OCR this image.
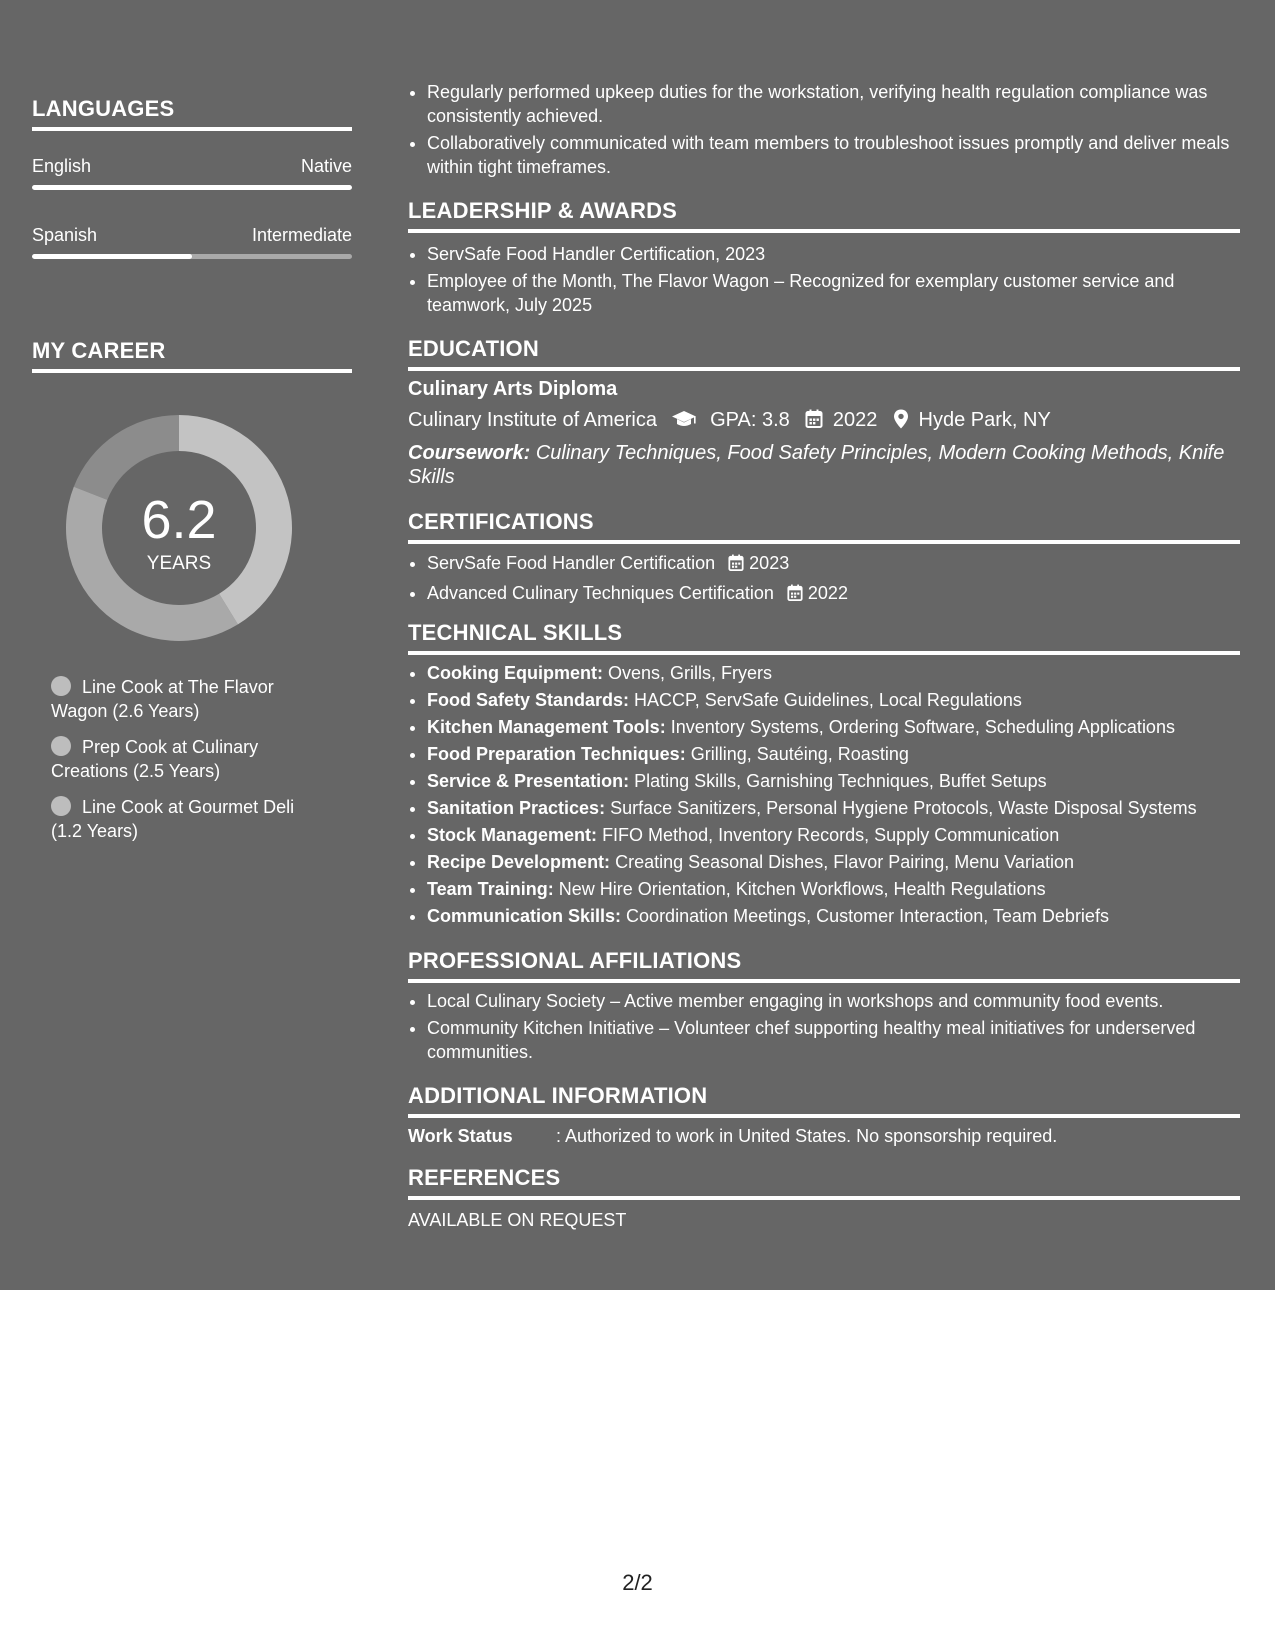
LANGUAGES
English	Native
Spanish	Intermediate
MY CAREER
6.2
YEARS
Line Cook at The Flavor Wagon (2.6 Years)
Prep Cook at Culinary Creations (2.5 Years)
Line Cook at Gourmet Deli (1.2 Years)
• Regularly performed upkeep duties for the workstation, verifying health regulation compliance was consistently achieved.
• Collaboratively communicated with team members to troubleshoot issues promptly and deliver meals within tight timeframes.
LEADERSHIP & AWARDS
• ServSafe Food Handler Certification, 2023
• Employee of the Month, The Flavor Wagon – Recognized for exemplary customer service and teamwork, July 2025
EDUCATION
Culinary Arts Diploma
Culinary Institute of America	GPA: 3.8 2022 Hyde Park, NY
Coursework: Culinary Techniques, Food Safety Principles, Modern Cooking Methods, Knife Skills
CERTIFICATIONS
• ServSafe Food Handler Certification 2023
• Advanced Culinary Techniques Certification 2022
TECHNICAL SKILLS
• Cooking Equipment: Ovens, Grills, Fryers
• Food Safety Standards: HACCP, ServSafe Guidelines, Local Regulations
• Kitchen Management Tools: Inventory Systems, Ordering Software, Scheduling Applications
• Food Preparation Techniques: Grilling, Sautéing, Roasting
• Service & Presentation: Plating Skills, Garnishing Techniques, Buffet Setups
• Sanitation Practices: Surface Sanitizers, Personal Hygiene Protocols, Waste Disposal Systems
• Stock Management: FIFO Method, Inventory Records, Supply Communication
• Recipe Development: Creating Seasonal Dishes, Flavor Pairing, Menu Variation
• Team Training: New Hire Orientation, Kitchen Workflows, Health Regulations
• Communication Skills: Coordination Meetings, Customer Interaction, Team Debriefs
PROFESSIONAL AFFILIATIONS
• Local Culinary Society – Active member engaging in workshops and community food events.
• Community Kitchen Initiative – Volunteer chef supporting healthy meal initiatives for underserved communities.
ADDITIONAL INFORMATION
Work Status	: Authorized to work in United States. No sponsorship required.
REFERENCES
AVAILABLE ON REQUEST
2/2
